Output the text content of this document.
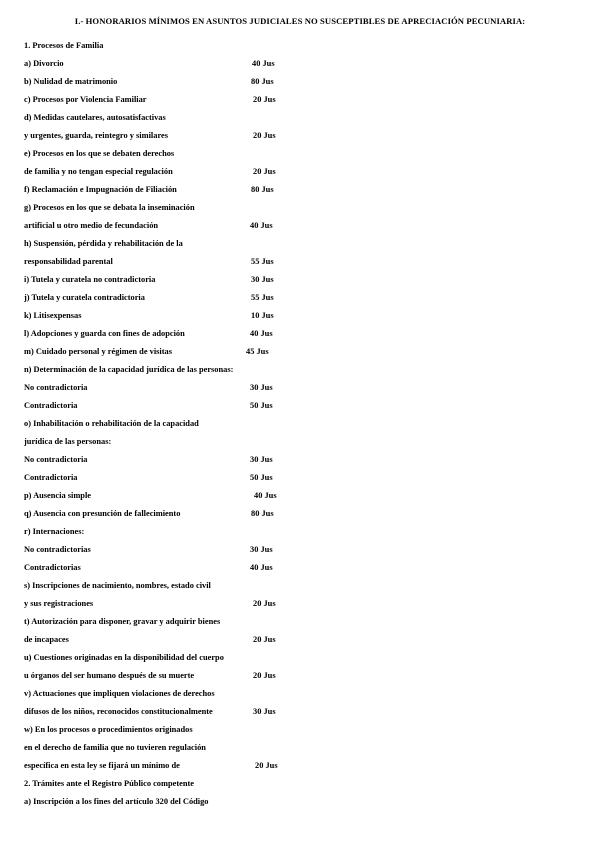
I.- HONORARIOS MÍNIMOS EN ASUNTOS JUDICIALES NO SUSCEPTIBLES DE APRECIACIÓN PECUNIARIA:
1. Procesos de Familia
a) Divorcio	40 Jus
b) Nulidad de matrimonio	80 Jus
c) Procesos por Violencia Familiar	20 Jus
d) Medidas cautelares, autosatisfactivas
y urgentes, guarda, reintegro y similares	20 Jus
e) Procesos en los que se debaten derechos
de familia y no tengan especial regulación	20 Jus
f) Reclamación e Impugnación de Filiación	80 Jus
g) Procesos en los que se debata la inseminación
artificial u otro medio de fecundación	40 Jus
h) Suspensión, pérdida y rehabilitación de la
responsabilidad parental	55 Jus
i) Tutela y curatela no contradictoria	30 Jus
j) Tutela y curatela contradictoria	55 Jus
k) Litisexpensas	10 Jus
l) Adopciones y guarda con fines de adopción	40 Jus
m) Cuidado personal y régimen de visitas	45 Jus
n) Determinación de la capacidad jurídica de las personas:
No contradictoria	30 Jus
Contradictoria	50 Jus
o) Inhabilitación o rehabilitación de la capacidad
jurídica de las personas:
No contradictoria	30 Jus
Contradictoria	50 Jus
p) Ausencia simple	40 Jus
q) Ausencia con presunción de fallecimiento	80 Jus
r) Internaciones:
No contradictorias	30 Jus
Contradictorias	40 Jus
s) Inscripciones de nacimiento, nombres, estado civil
y sus registraciones	20 Jus
t) Autorización para disponer, gravar y adquirir bienes
de incapaces	20 Jus
u) Cuestiones originadas en la disponibilidad del cuerpo
u órganos del ser humano después de su muerte	20 Jus
v) Actuaciones que impliquen violaciones de derechos
difusos de los niños, reconocidos constitucionalmente	30 Jus
w) En los procesos o procedimientos originados
en el derecho de familia que no tuvieren regulación
específica en esta ley se fijará un mínimo de	20 Jus
2. Trámites ante el Registro Público competente
a) Inscripción a los fines del artículo 320 del Código
